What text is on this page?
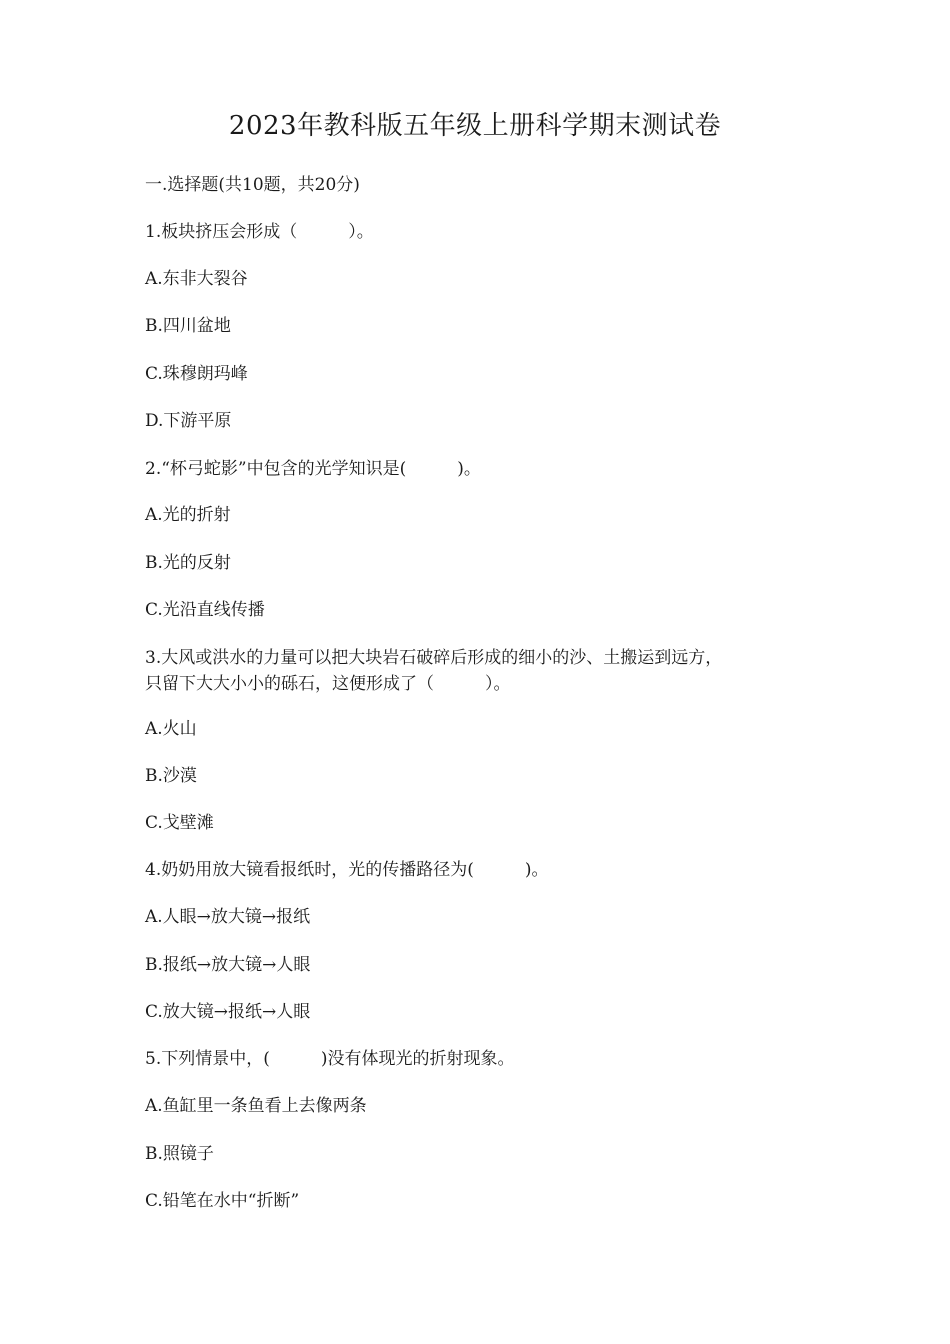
2023年教科版五年级上册科学期末测试卷
一.选择题(共10题，共20分)
1.板块挤压会形成（　　　）。
A.东非大裂谷
B.四川盆地
C.珠穆朗玛峰
D.下游平原
2.“杯弓蛇影”中包含的光学知识是(　　　)。
A.光的折射
B.光的反射
C.光沿直线传播
3.大风或洪水的力量可以把大块岩石破碎后形成的细小的沙、土搬运到远方，
只留下大大小小的砾石，这便形成了（　　　）。
A.火山
B.沙漠
C.戈壁滩
4.奶奶用放大镜看报纸时，光的传播路径为(　　　)。
A.人眼→放大镜→报纸
B.报纸→放大镜→人眼
C.放大镜→报纸→人眼
5.下列情景中，(　　　)没有体现光的折射现象。
A.鱼缸里一条鱼看上去像两条
B.照镜子
C.铅笔在水中“折断”
